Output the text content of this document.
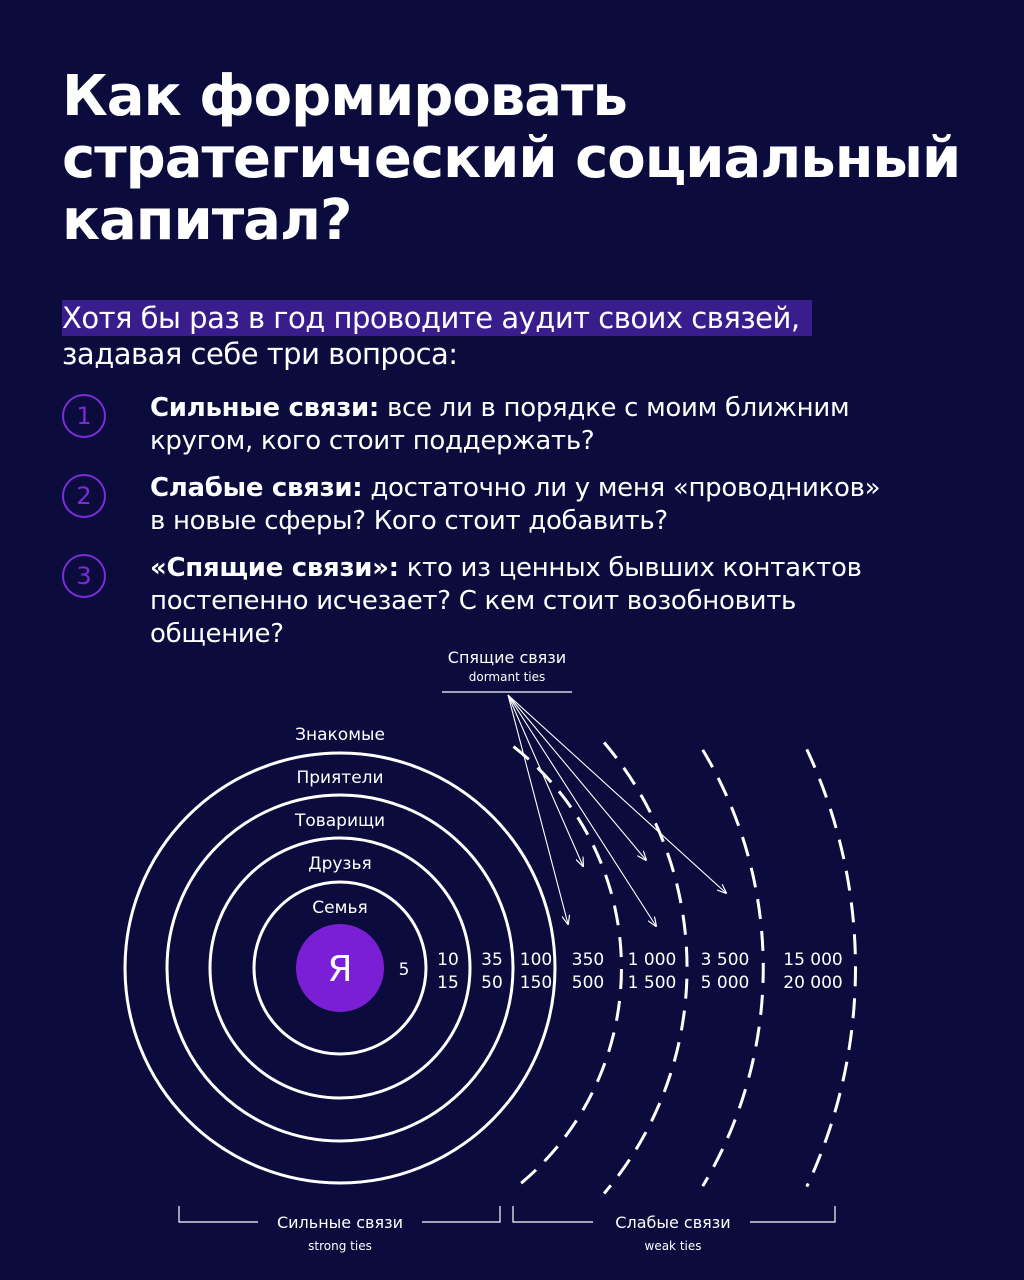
Как формировать
стратегический социальный
капитал?
Хотя бы раз в год проводите аудит своих связей,
задавая себе три вопроса:
1	Сильные связи: все ли в порядке с моим ближним
кругом, кого стоит поддержать?
2	Слабые связи: достаточно ли у меня «проводников»
в новые сферы? Кого стоит добавить?
3	«Спящие связи»: кто из ценных бывших контактов
постепенно исчезает? С кем стоит возобновить
общение?
Я
Семья
Друзья
Товарищи
Приятели
Знакомые
5 10
15
35
50
100
150
350
500
1 000
1 500
3 500
5 000
15 000
20 000
Спящие связи
dormant ties
Сильные связи
strong ties
Слабые связи
weak ties
